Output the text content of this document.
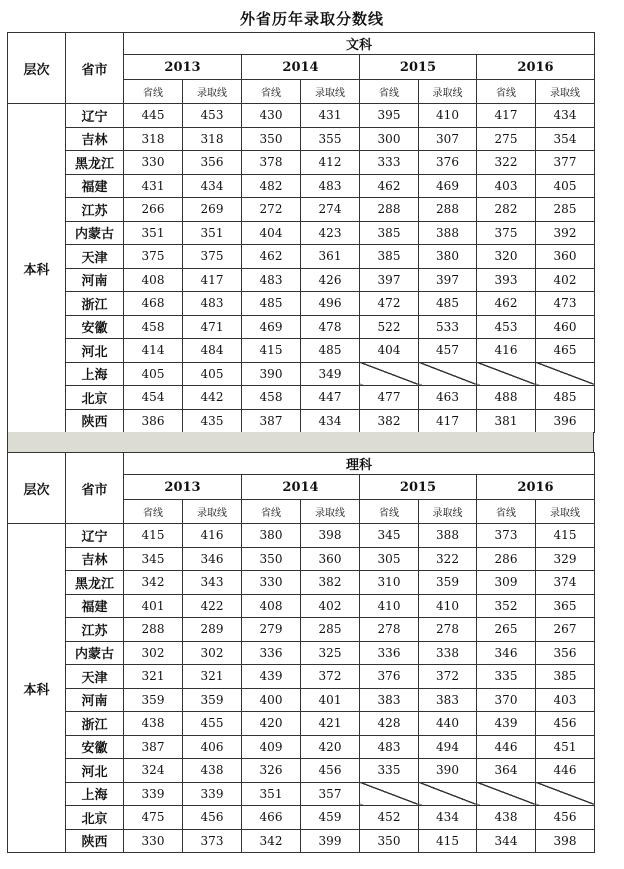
外省历年录取分数线
层次	省市	文科							
		2013		2014		2015		2016	
		省线	录取线	省线	录取线	省线	录取线	省线	录取线
本科	辽宁	445	453	430	431	395	410	417	434
	吉林	318	318	350	355	300	307	275	354
	黑龙江	330	356	378	412	333	376	322	377
	福建	431	434	482	483	462	469	403	405
	江苏	266	269	272	274	288	288	282	285
	内蒙古	351	351	404	423	385	388	375	392
	天津	375	375	462	361	385	380	320	360
	河南	408	417	483	426	397	397	393	402
	浙江	468	483	485	496	472	485	462	473
	安徽	458	471	469	478	522	533	453	460
	河北	414	484	415	485	404	457	416	465
	上海	405	405	390	349				
	北京	454	442	458	447	477	463	488	485
	陕西	386	435	387	434	382	417	381	396
层次	省市	理科							
		2013		2014		2015		2016	
		省线	录取线	省线	录取线	省线	录取线	省线	录取线
本科	辽宁	415	416	380	398	345	388	373	415
	吉林	345	346	350	360	305	322	286	329
	黑龙江	342	343	330	382	310	359	309	374
	福建	401	422	408	402	410	410	352	365
	江苏	288	289	279	285	278	278	265	267
	内蒙古	302	302	336	325	336	338	346	356
	天津	321	321	439	372	376	372	335	385
	河南	359	359	400	401	383	383	370	403
	浙江	438	455	420	421	428	440	439	456
	安徽	387	406	409	420	483	494	446	451
	河北	324	438	326	456	335	390	364	446
	上海	339	339	351	357				
	北京	475	456	466	459	452	434	438	456
	陕西	330	373	342	399	350	415	344	398
